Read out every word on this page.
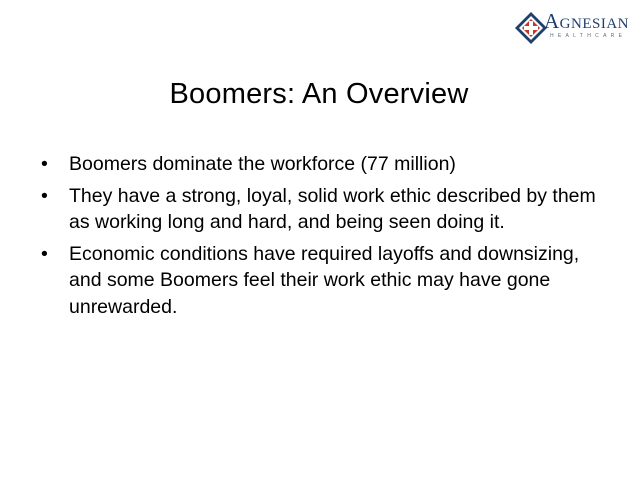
AGNESIAN
HEALTHCARE
Boomers: An Overview
•	Boomers dominate the workforce (77 million)
•	They have a strong, loyal, solid work ethic described by them as working long and hard, and being seen doing it.
•	Economic conditions have required layoffs and downsizing, and some Boomers feel their work ethic may have gone unrewarded.
